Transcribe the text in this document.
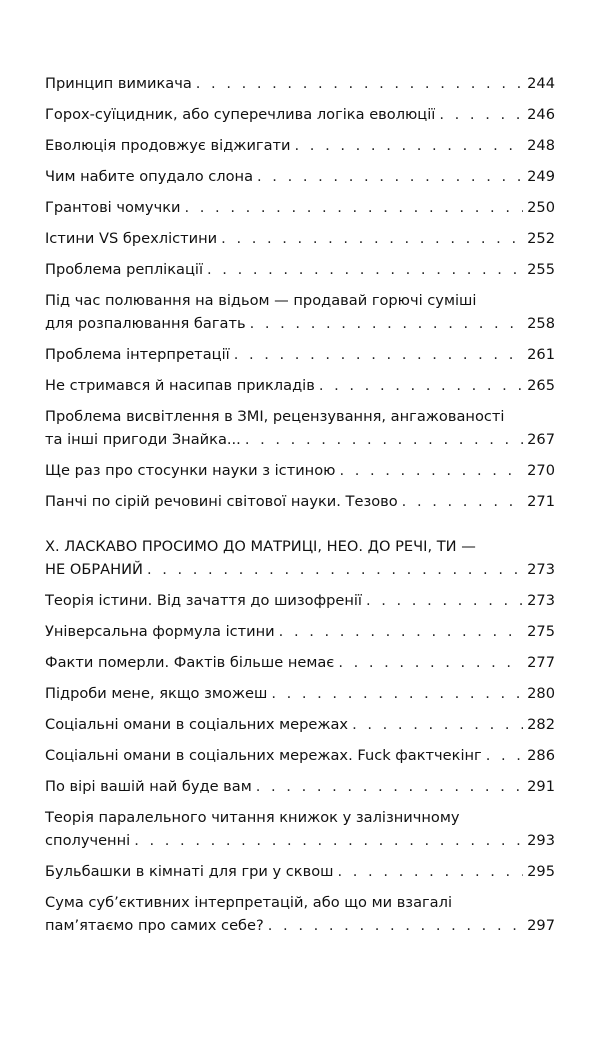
Принцип вимикача . . .	244
Горох-суїцидник, або суперечлива логіка еволюції . . .	246
Еволюція продовжує віджигати . . .	248
Чим набите опудало слона . . .	249
Грантові чомучки . . .	250
Істини VS брехлістини . . .	252
Проблема реплікації . . .	255
Під час полювання на відьом — продавай горючі суміші
для розпалювання багать . . .	258
Проблема інтерпретації . . .	261
Не стримався й насипав прикладів . . .	265
Проблема висвітлення в ЗМІ, рецензування, ангажованості
та інші пригоди Знайка... . . .	267
Ще раз про стосунки науки з істиною . . .	270
Панчі по сірій речовині світової науки. Тезово . . .	271
X. ЛАСКАВО ПРОСИМО ДО МАТРИЦІ, НЕО. ДО РЕЧІ, ТИ —
НЕ ОБРАНИЙ . . .	273
Теорія істини. Від зачаття до шизофренії . . .	273
Універсальна формула істини . . .	275
Факти померли. Фактів більше немає . . .	277
Підроби мене, якщо зможеш . . .	280
Соціальні омани в соціальних мережах . . .	282
Соціальні омани в соціальних мережах. Fuck фактчекінг . . .	286
По вірі вашій най буде вам . . .	291
Теорія паралельного читання книжок у залізничному
сполученні . . .	293
Бульбашки в кімнаті для гри у сквош . . .	295
Сума суб’єктивних інтерпретацій, або що ми взагалі
пам’ятаємо про самих себе? . . .	297
